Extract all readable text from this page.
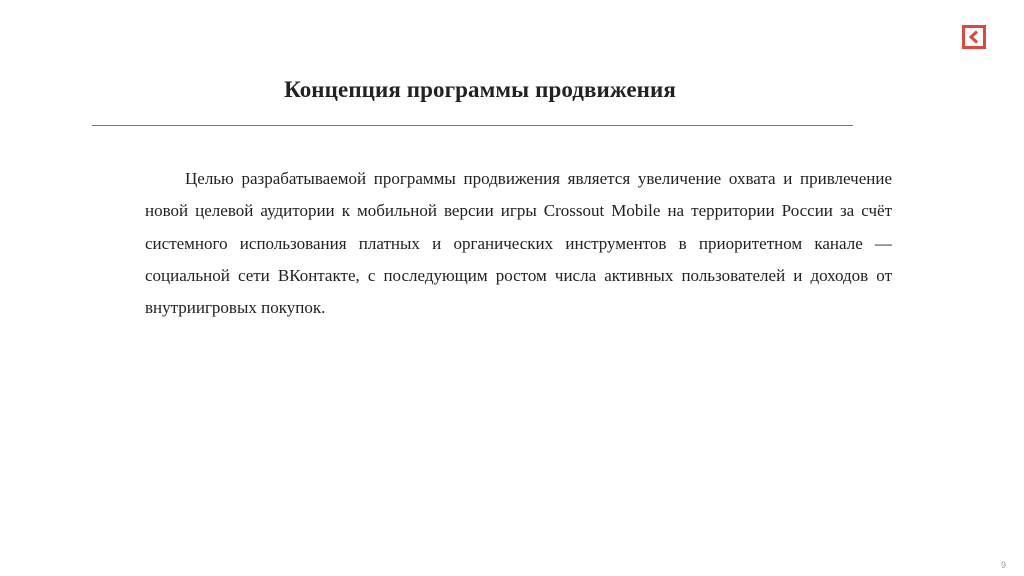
Концепция программы продвижения

Целью разрабатываемой программы продвижения является увеличение охвата и привлечение новой целевой аудитории к мобильной версии игры Crossout Mobile на территории России за счёт системного использования платных и органических инструментов в приоритетном канале — социальной сети ВКонтакте, с последующим ростом числа активных пользователей и доходов от внутриигровых покупок.

9
